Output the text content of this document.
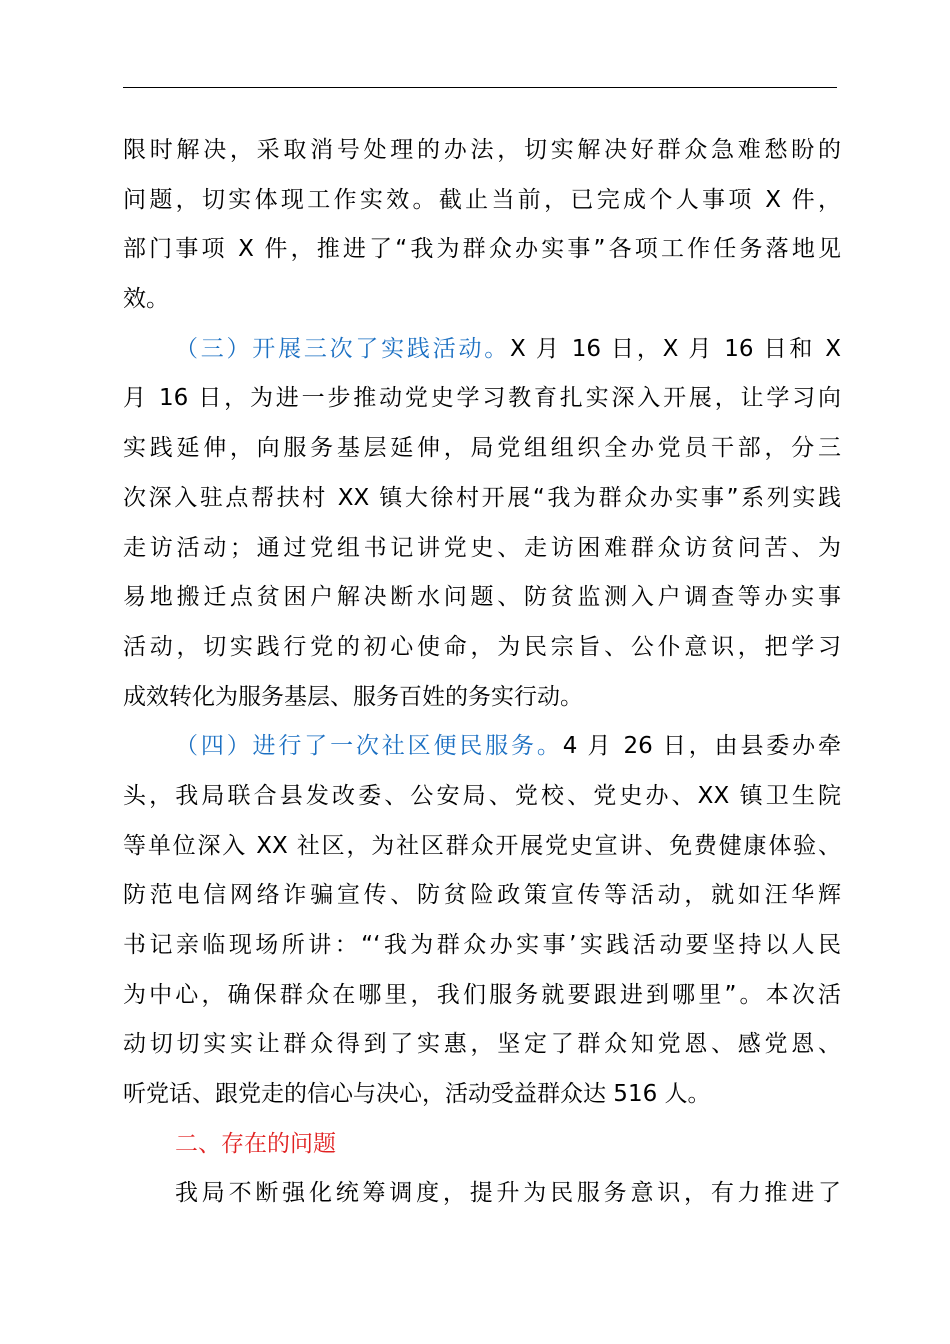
限时解决，采取消号处理的办法，切实解决好群众急难愁盼的
问题，切实体现工作实效。截止当前，已完成个人事项 X 件，
部门事项 X 件，推进了“我为群众办实事”各项工作任务落地见
效。
（三）开展三次了实践活动。X 月 16 日，X 月 16 日和 X
月 16 日，为进一步推动党史学习教育扎实深入开展，让学习向
实践延伸，向服务基层延伸，局党组组织全办党员干部，分三
次深入驻点帮扶村 XX 镇大徐村开展“我为群众办实事”系列实践
走访活动；通过党组书记讲党史、走访困难群众访贫问苦、为
易地搬迁点贫困户解决断水问题、防贫监测入户调查等办实事
活动，切实践行党的初心使命，为民宗旨、公仆意识，把学习
成效转化为服务基层、服务百姓的务实行动。
（四）进行了一次社区便民服务。4 月 26 日，由县委办牵
头，我局联合县发改委、公安局、党校、党史办、XX 镇卫生院
等单位深入 XX 社区，为社区群众开展党史宣讲、免费健康体验、
防范电信网络诈骗宣传、防贫险政策宣传等活动，就如汪华辉
书记亲临现场所讲：“‘我为群众办实事’实践活动要坚持以人民
为中心，确保群众在哪里，我们服务就要跟进到哪里”。本次活
动切切实实让群众得到了实惠，坚定了群众知党恩、感党恩、
听党话、跟党走的信心与决心，活动受益群众达 516 人。
二、存在的问题
我局不断强化统筹调度，提升为民服务意识，有力推进了
